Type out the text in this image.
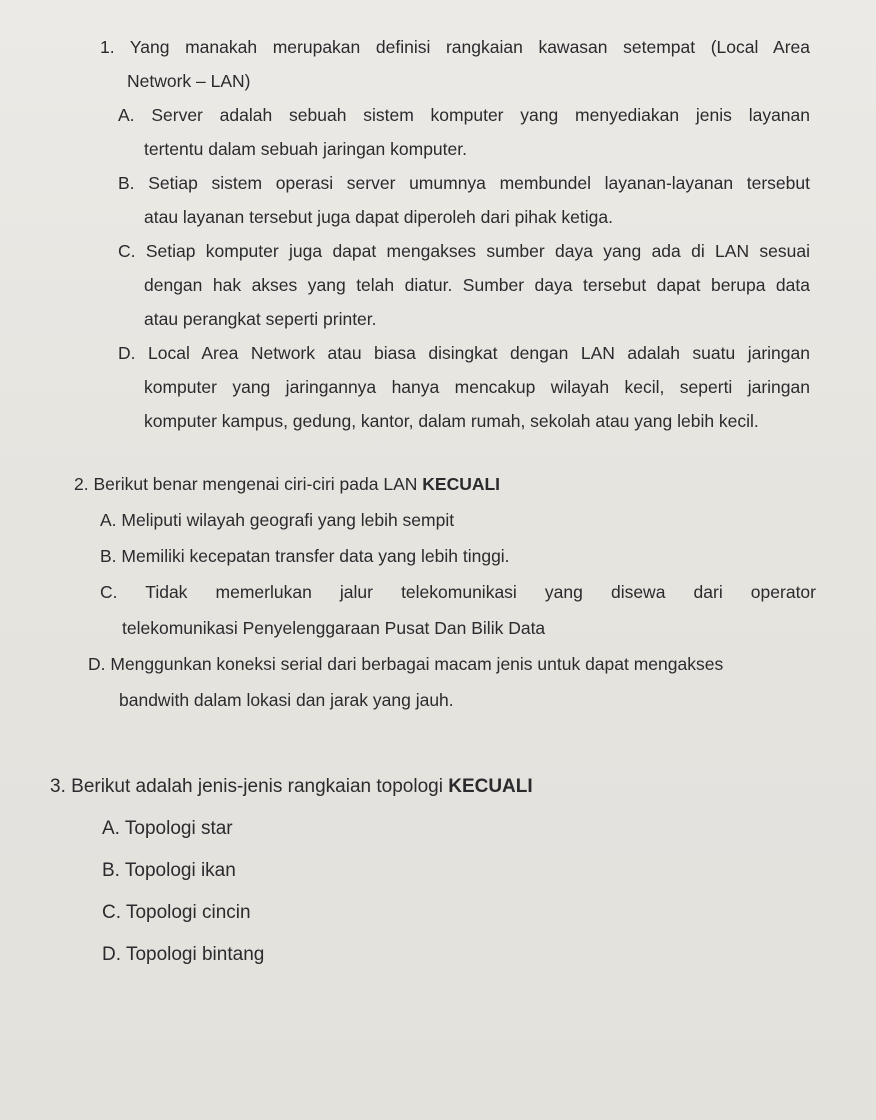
1. Yang manakah merupakan definisi rangkaian kawasan setempat (Local Area
Network – LAN)
A. Server adalah sebuah sistem komputer yang menyediakan jenis layanan
tertentu dalam sebuah jaringan komputer.
B. Setiap sistem operasi server umumnya membundel layanan-layanan tersebut
atau layanan tersebut juga dapat diperoleh dari pihak ketiga.
C. Setiap komputer juga dapat mengakses sumber daya yang ada di LAN sesuai
dengan hak akses yang telah diatur. Sumber daya tersebut dapat berupa data
atau perangkat seperti printer.
D. Local Area Network atau biasa disingkat dengan LAN adalah suatu jaringan
komputer yang jaringannya hanya mencakup wilayah kecil, seperti jaringan
komputer kampus, gedung, kantor, dalam rumah, sekolah atau yang lebih kecil.
2. Berikut benar mengenai ciri-ciri pada LAN KECUALI
A. Meliputi wilayah geografi yang lebih sempit
B. Memiliki kecepatan transfer data yang lebih tinggi.
C. Tidak memerlukan jalur telekomunikasi yang disewa dari operator
telekomunikasi Penyelenggaraan Pusat Dan Bilik Data
D. Menggunkan koneksi serial dari berbagai macam jenis untuk dapat mengakses
bandwith dalam lokasi dan jarak yang jauh.
3. Berikut adalah jenis-jenis rangkaian topologi KECUALI
A. Topologi star
B. Topologi ikan
C. Topologi cincin
D. Topologi bintang
